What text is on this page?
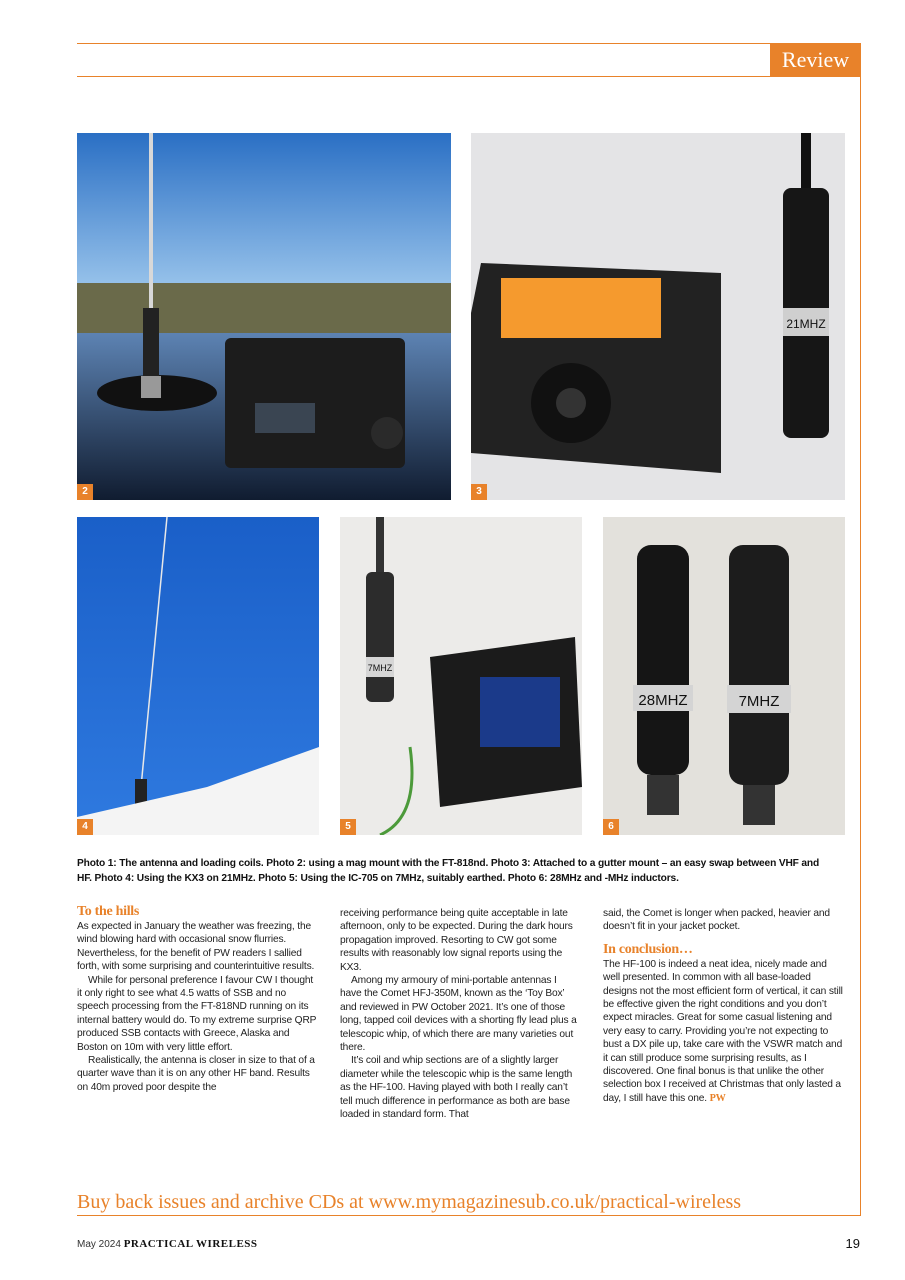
Review
2
21MHZ
3
4
7MHZ
5
28MHZ	7MHZ
6
Photo 1: The antenna and loading coils. Photo 2: using a mag mount with the FT-818nd. Photo 3: Attached to a gutter mount – an easy swap between VHF and HF. Photo 4: Using the KX3 on 21MHz. Photo 5: Using the IC-705 on 7MHz, suitably earthed. Photo 6: 28MHz and -MHz inductors.
To the hills

As expected in January the weather was freezing, the wind blowing hard with occasional snow flurries. Nevertheless, for the benefit of PW readers I sallied forth, with some surprising and counterintuitive results.

While for personal preference I favour CW I thought it only right to see what 4.5 watts of SSB and no speech processing from the FT-818ND running on its internal battery would do. To my extreme surprise QRP produced SSB contacts with Greece, Alaska and Boston on 10m with very little effort.

Realistically, the antenna is closer in size to that of a quarter wave than it is on any other HF band. Results on 40m proved poor despite the

receiving performance being quite acceptable in late afternoon, only to be expected. During the dark hours propagation improved. Resorting to CW got some results with reasonably low signal reports using the KX3.

Among my armoury of mini-portable antennas I have the Comet HFJ-350M, known as the ‘Toy Box’ and reviewed in PW October 2021. It’s one of those long, tapped coil devices with a shorting fly lead plus a telescopic whip, of which there are many varieties out there.

It’s coil and whip sections are of a slightly larger diameter while the telescopic whip is the same length as the HF-100. Having played with both I really can’t tell much difference in performance as both are base loaded in standard form. That

said, the Comet is longer when packed, heavier and doesn’t fit in your jacket pocket.

In conclusion…

The HF-100 is indeed a neat idea, nicely made and well presented. In common with all base-loaded designs not the most efficient form of vertical, it can still be effective given the right conditions and you don’t expect miracles. Great for some casual listening and very easy to carry. Providing you’re not expecting to bust a DX pile up, take care with the VSWR match and it can still produce some surprising results, as I discovered. One final bonus is that unlike the other selection box I received at Christmas that only lasted a day, I still have this one. PW

Buy back issues and archive CDs at www.mymagazinesub.co.uk/practical-wireless
May 2024 PRACTICAL WIRELESS	19
